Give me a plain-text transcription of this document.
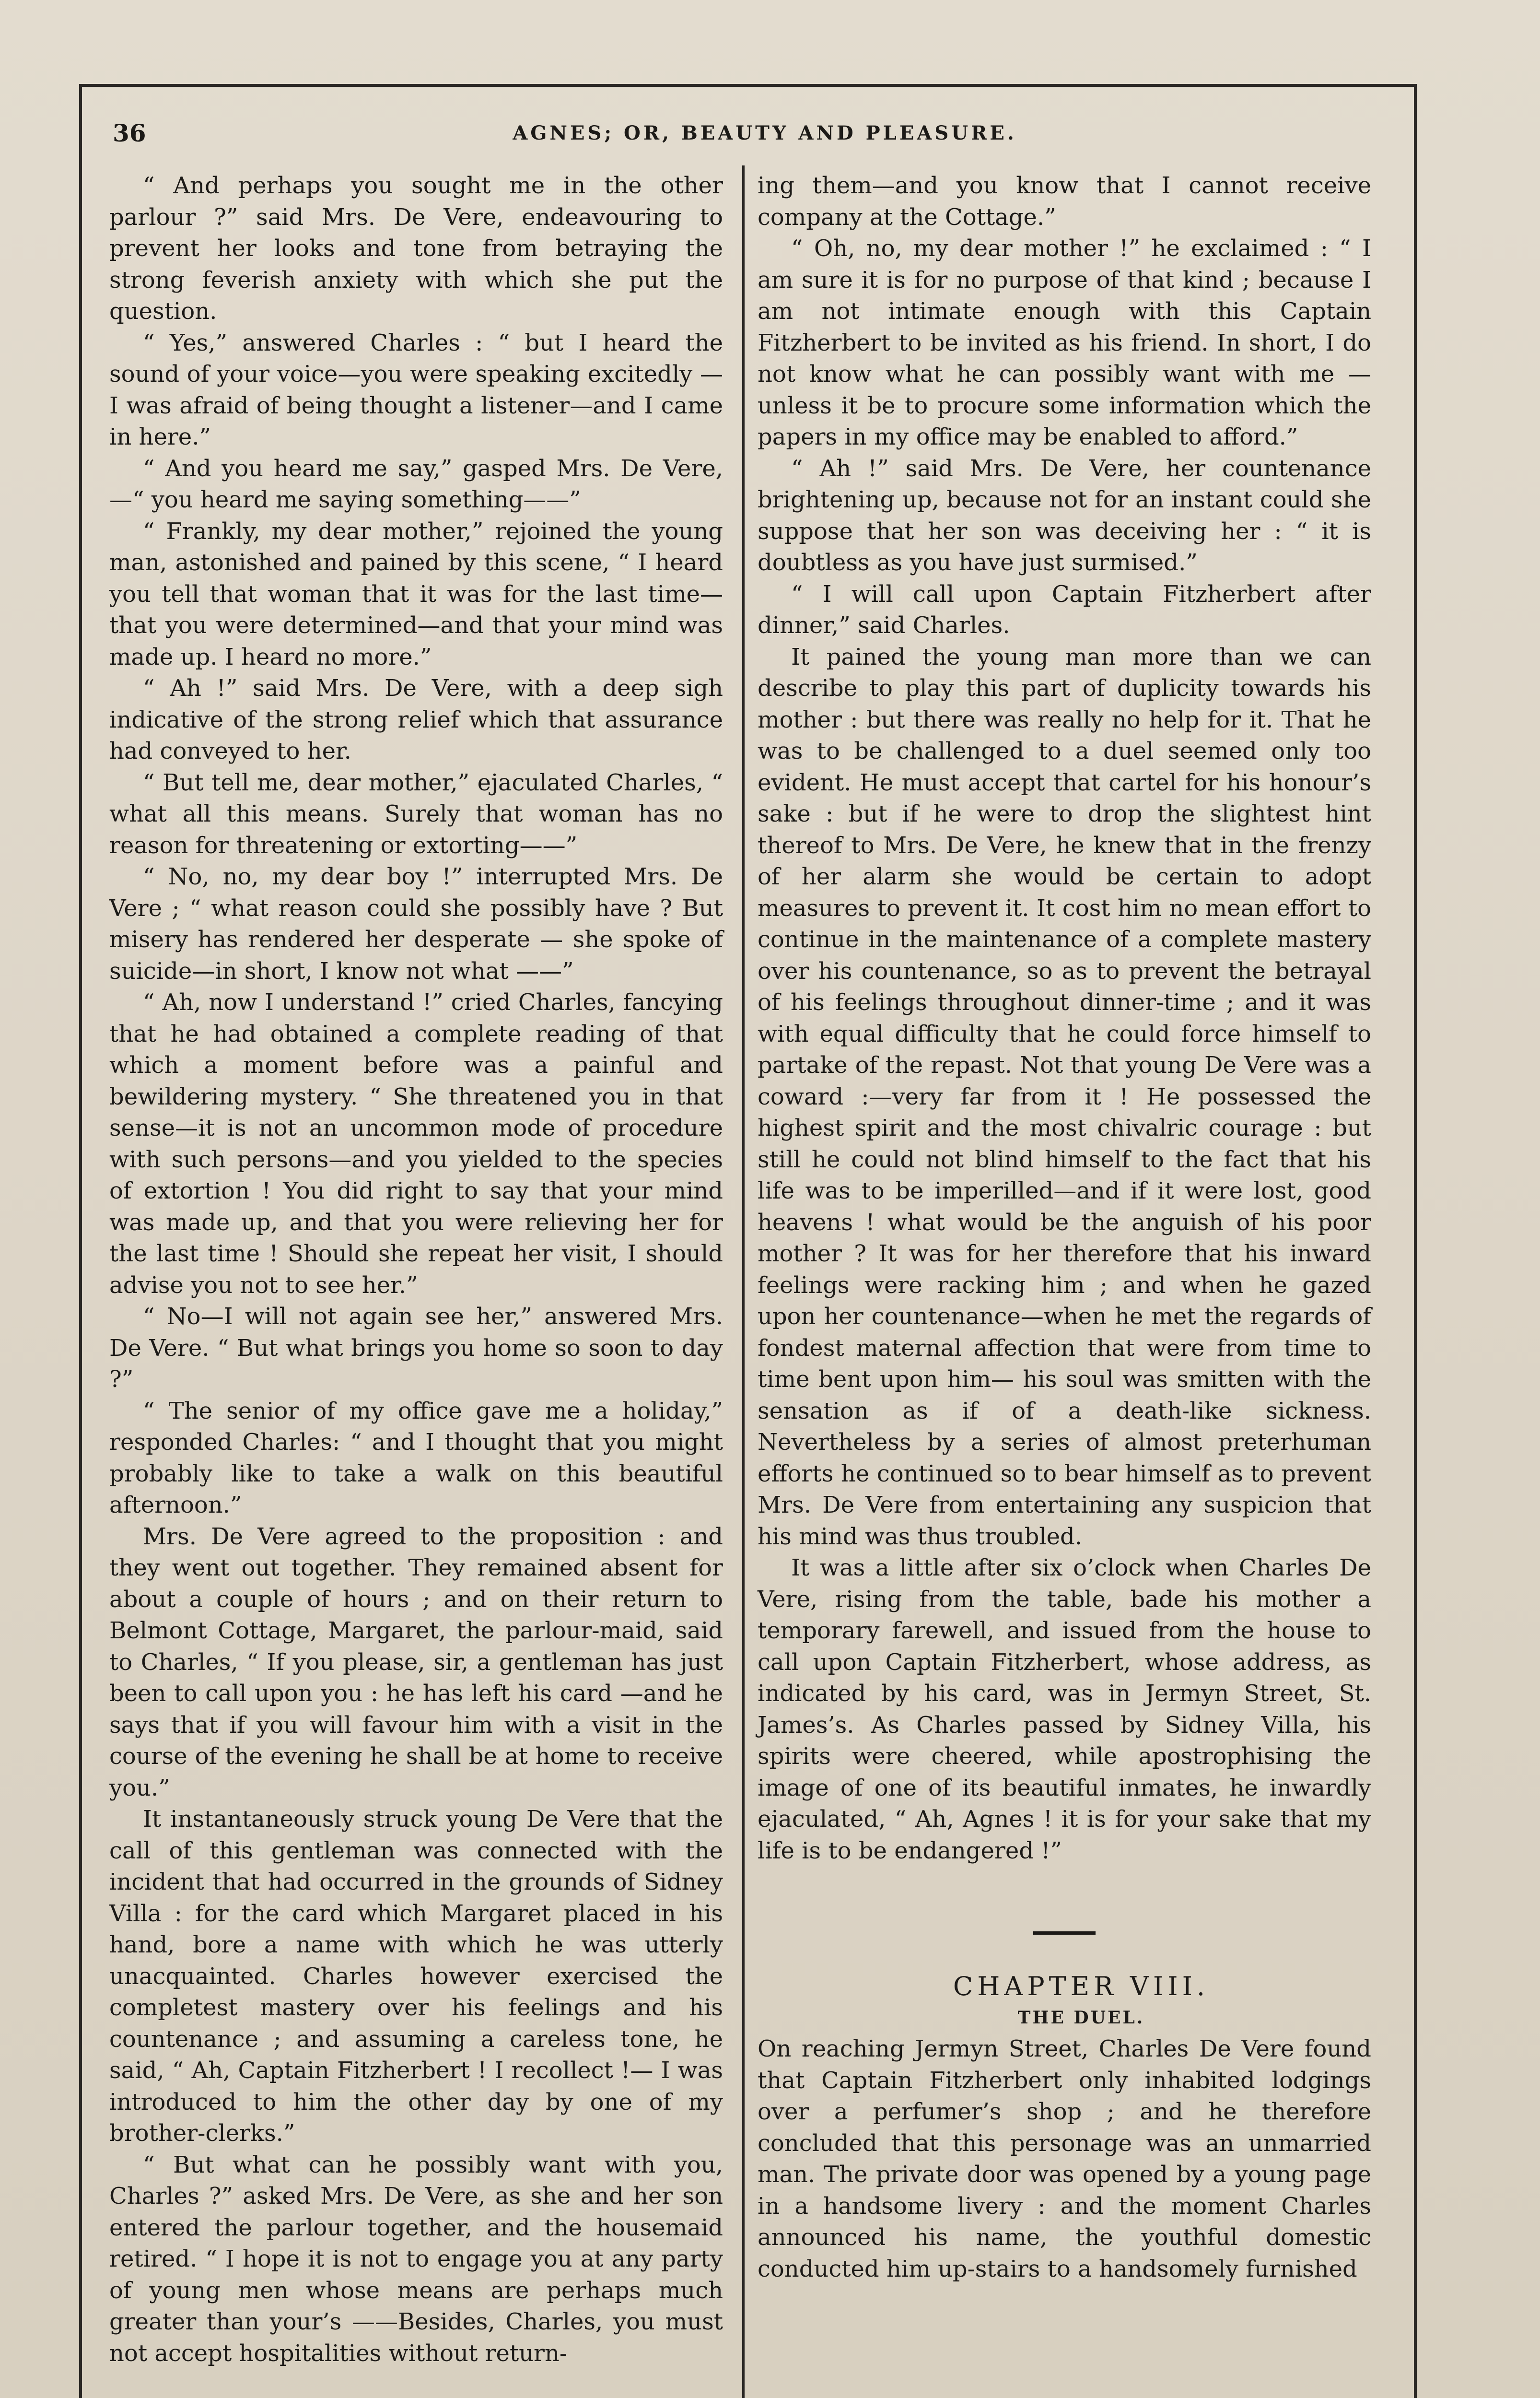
36	AGNES; OR, BEAUTY AND PLEASURE.

“ And perhaps you sought me in the other parlour ?” said Mrs. De Vere, endeavouring to prevent her looks and tone from betraying the strong feverish anxiety with which she put the question.

“ Yes,” answered Charles : “ but I heard the sound of your voice—you were speaking excitedly —I was afraid of being thought a listener—and I came in here.”

“ And you heard me say,” gasped Mrs. De Vere, —“ you heard me saying something——”

“ Frankly, my dear mother,” rejoined the young man, astonished and pained by this scene, “ I heard you tell that woman that it was for the last time—that you were determined—and that your mind was made up. I heard no more.”

“ Ah !” said Mrs. De Vere, with a deep sigh indicative of the strong relief which that assurance had conveyed to her.

“ But tell me, dear mother,” ejaculated Charles, “ what all this means. Surely that woman has no reason for threatening or extorting——”

“ No, no, my dear boy !” interrupted Mrs. De Vere ; “ what reason could she possibly have ? But misery has rendered her desperate — she spoke of suicide—in short, I know not what ——”

“ Ah, now I understand !” cried Charles, fancying that he had obtained a complete reading of that which a moment before was a painful and bewildering mystery. “ She threatened you in that sense—it is not an uncommon mode of procedure with such persons—and you yielded to the species of extortion ! You did right to say that your mind was made up, and that you were relieving her for the last time ! Should she repeat her visit, I should advise you not to see her.”

“ No—I will not again see her,” answered Mrs. De Vere. “ But what brings you home so soon to day ?”

“ The senior of my office gave me a holiday,” responded Charles: “ and I thought that you might probably like to take a walk on this beautiful afternoon.”

Mrs. De Vere agreed to the proposition : and they went out together. They remained absent for about a couple of hours ; and on their return to Belmont Cottage, Margaret, the parlour-maid, said to Charles, “ If you please, sir, a gentleman has just been to call upon you : he has left his card —and he says that if you will favour him with a visit in the course of the evening he shall be at home to receive you.”

It instantaneously struck young De Vere that the call of this gentleman was connected with the incident that had occurred in the grounds of Sidney Villa : for the card which Margaret placed in his hand, bore a name with which he was utterly unacquainted. Charles however exercised the completest mastery over his feelings and his countenance ; and assuming a careless tone, he said, “ Ah, Captain Fitzherbert ! I recollect !— I was introduced to him the other day by one of my brother-clerks.”

“ But what can he possibly want with you, Charles ?” asked Mrs. De Vere, as she and her son entered the parlour together, and the housemaid retired. “ I hope it is not to engage you at any party of young men whose means are perhaps much greater than your’s ——Besides, Charles, you must not accept hospitalities without return-

ing them—and you know that I cannot receive company at the Cottage.”

“ Oh, no, my dear mother !” he exclaimed : “ I am sure it is for no purpose of that kind ; because I am not intimate enough with this Captain Fitzherbert to be invited as his friend. In short, I do not know what he can possibly want with me —unless it be to procure some information which the papers in my office may be enabled to afford.”

“ Ah !” said Mrs. De Vere, her countenance brightening up, because not for an instant could she suppose that her son was deceiving her : “ it is doubtless as you have just surmised.”

“ I will call upon Captain Fitzherbert after dinner,” said Charles.

It pained the young man more than we can describe to play this part of duplicity towards his mother : but there was really no help for it. That he was to be challenged to a duel seemed only too evident. He must accept that cartel for his honour’s sake : but if he were to drop the slightest hint thereof to Mrs. De Vere, he knew that in the frenzy of her alarm she would be certain to adopt measures to prevent it. It cost him no mean effort to continue in the maintenance of a complete mastery over his countenance, so as to prevent the betrayal of his feelings throughout dinner-time ; and it was with equal difficulty that he could force himself to partake of the repast. Not that young De Vere was a coward :—very far from it ! He possessed the highest spirit and the most chivalric courage : but still he could not blind himself to the fact that his life was to be imperilled—and if it were lost, good heavens ! what would be the anguish of his poor mother ? It was for her therefore that his inward feelings were racking him ; and when he gazed upon her countenance—when he met the regards of fondest maternal affection that were from time to time bent upon him— his soul was smitten with the sensation as if of a death-like sickness. Nevertheless by a series of almost preterhuman efforts he continued so to bear himself as to prevent Mrs. De Vere from entertaining any suspicion that his mind was thus troubled.

It was a little after six o’clock when Charles De Vere, rising from the table, bade his mother a temporary farewell, and issued from the house to call upon Captain Fitzherbert, whose address, as indicated by his card, was in Jermyn Street, St. James’s. As Charles passed by Sidney Villa, his spirits were cheered, while apostrophising the image of one of its beautiful inmates, he inwardly ejaculated, “ Ah, Agnes ! it is for your sake that my life is to be endangered !”

CHAPTER VIII.

THE DUEL.

On reaching Jermyn Street, Charles De Vere found that Captain Fitzherbert only inhabited lodgings over a perfumer’s shop ; and he therefore concluded that this personage was an unmarried man. The private door was opened by a young page in a handsome livery : and the moment Charles announced his name, the youthful domestic conducted him up-stairs to a handsomely furnished
